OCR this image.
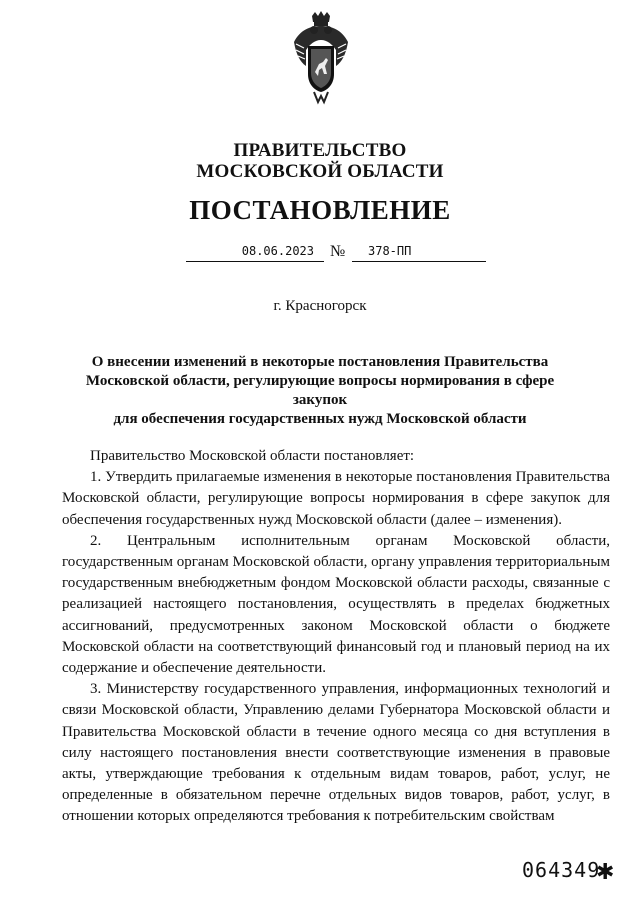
ПРАВИТЕЛЬСТВО
МОСКОВСКОЙ ОБЛАСТИ
ПОСТАНОВЛЕНИЕ
08.06.2023	№	378-ПП
г. Красногорск
О внесении изменений в некоторые постановления Правительства
Московской области, регулирующие вопросы нормирования в сфере закупок
для обеспечения государственных нужд Московской области

Правительство Московской области постановляет:

1. Утвердить прилагаемые изменения в некоторые постановления Правительства Московской области, регулирующие вопросы нормирования в сфере закупок для обеспечения государственных нужд Московской области (далее – изменения).

2. Центральным исполнительным органам Московской области, государственным органам Московской области, органу управления территориальным государственным внебюджетным фондом Московской области расходы, связанные с реализацией настоящего постановления, осуществлять в пределах бюджетных ассигнований, предусмотренных законом Московской области о бюджете Московской области на соответствующий финансовый год и плановый период на их содержание и обеспечение деятельности.

3. Министерству государственного управления, информационных технологий и связи Московской области, Управлению делами Губернатора Московской области и Правительства Московской области в течение одного месяца со дня вступления в силу настоящего постановления внести соответствующие изменения в правовые акты, утверждающие требования к отдельным видам товаров, работ, услуг, не определенные в обязательном перечне отдельных видов товаров, работ, услуг, в отношении которых определяются требования к потребительским свойствам

064349
✱
